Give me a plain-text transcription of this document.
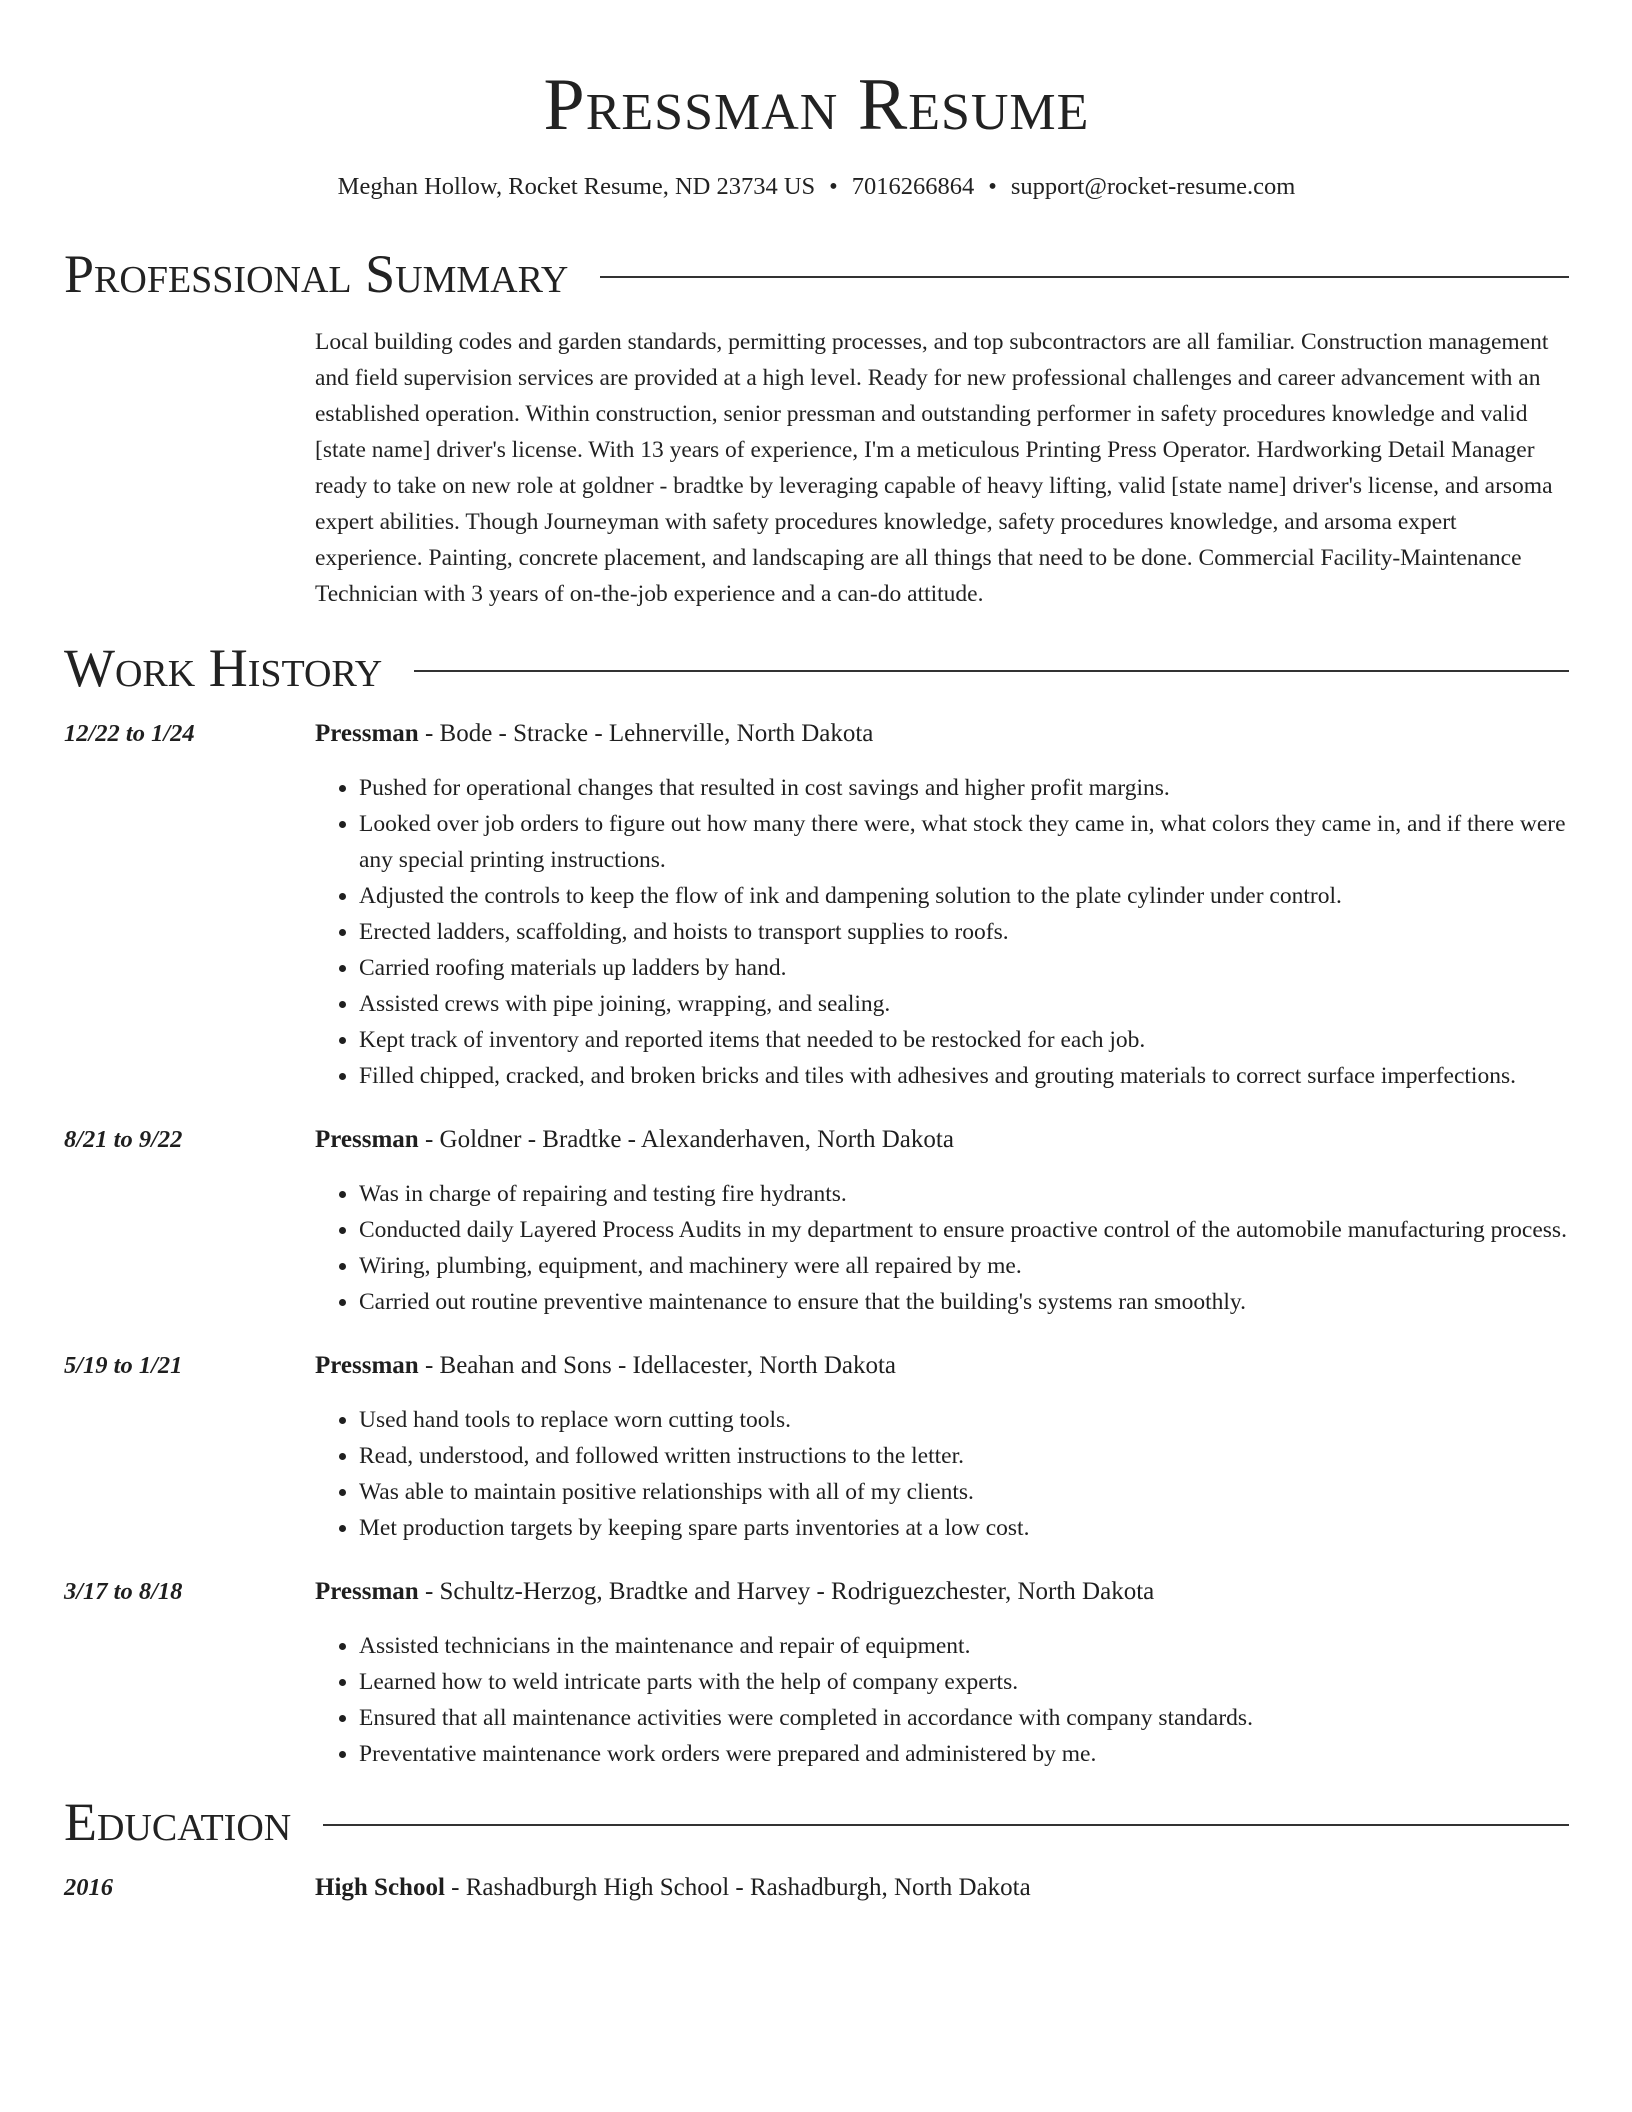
Pressman Resume
Meghan Hollow, Rocket Resume, ND 23734 US • 7016266864 • support@rocket-resume.com
Professional Summary
Local building codes and garden standards, permitting processes, and top subcontractors are all familiar. Construction management and field supervision services are provided at a high level. Ready for new professional challenges and career advancement with an established operation. Within construction, senior pressman and outstanding performer in safety procedures knowledge and valid [state name] driver's license. With 13 years of experience, I'm a meticulous Printing Press Operator. Hardworking Detail Manager ready to take on new role at goldner - bradtke by leveraging capable of heavy lifting, valid [state name] driver's license, and arsoma expert abilities. Though Journeyman with safety procedures knowledge, safety procedures knowledge, and arsoma expert experience. Painting, concrete placement, and landscaping are all things that need to be done. Commercial Facility-Maintenance Technician with 3 years of on-the-job experience and a can-do attitude.
Work History
12/22 to 1/24	Pressman - Bode - Stracke - Lehnerville, North Dakota
• Pushed for operational changes that resulted in cost savings and higher profit margins.
• Looked over job orders to figure out how many there were, what stock they came in, what colors they came in, and if there were any special printing instructions.
• Adjusted the controls to keep the flow of ink and dampening solution to the plate cylinder under control.
• Erected ladders, scaffolding, and hoists to transport supplies to roofs.
• Carried roofing materials up ladders by hand.
• Assisted crews with pipe joining, wrapping, and sealing.
• Kept track of inventory and reported items that needed to be restocked for each job.
• Filled chipped, cracked, and broken bricks and tiles with adhesives and grouting materials to correct surface imperfections.
8/21 to 9/22	Pressman - Goldner - Bradtke - Alexanderhaven, North Dakota
• Was in charge of repairing and testing fire hydrants.
• Conducted daily Layered Process Audits in my department to ensure proactive control of the automobile manufacturing process.
• Wiring, plumbing, equipment, and machinery were all repaired by me.
• Carried out routine preventive maintenance to ensure that the building's systems ran smoothly.
5/19 to 1/21	Pressman - Beahan and Sons - Idellacester, North Dakota
• Used hand tools to replace worn cutting tools.
• Read, understood, and followed written instructions to the letter.
• Was able to maintain positive relationships with all of my clients.
• Met production targets by keeping spare parts inventories at a low cost.
3/17 to 8/18	Pressman - Schultz-Herzog, Bradtke and Harvey - Rodriguezchester, North Dakota
• Assisted technicians in the maintenance and repair of equipment.
• Learned how to weld intricate parts with the help of company experts.
• Ensured that all maintenance activities were completed in accordance with company standards.
• Preventative maintenance work orders were prepared and administered by me.
Education
2016	High School - Rashadburgh High School - Rashadburgh, North Dakota
